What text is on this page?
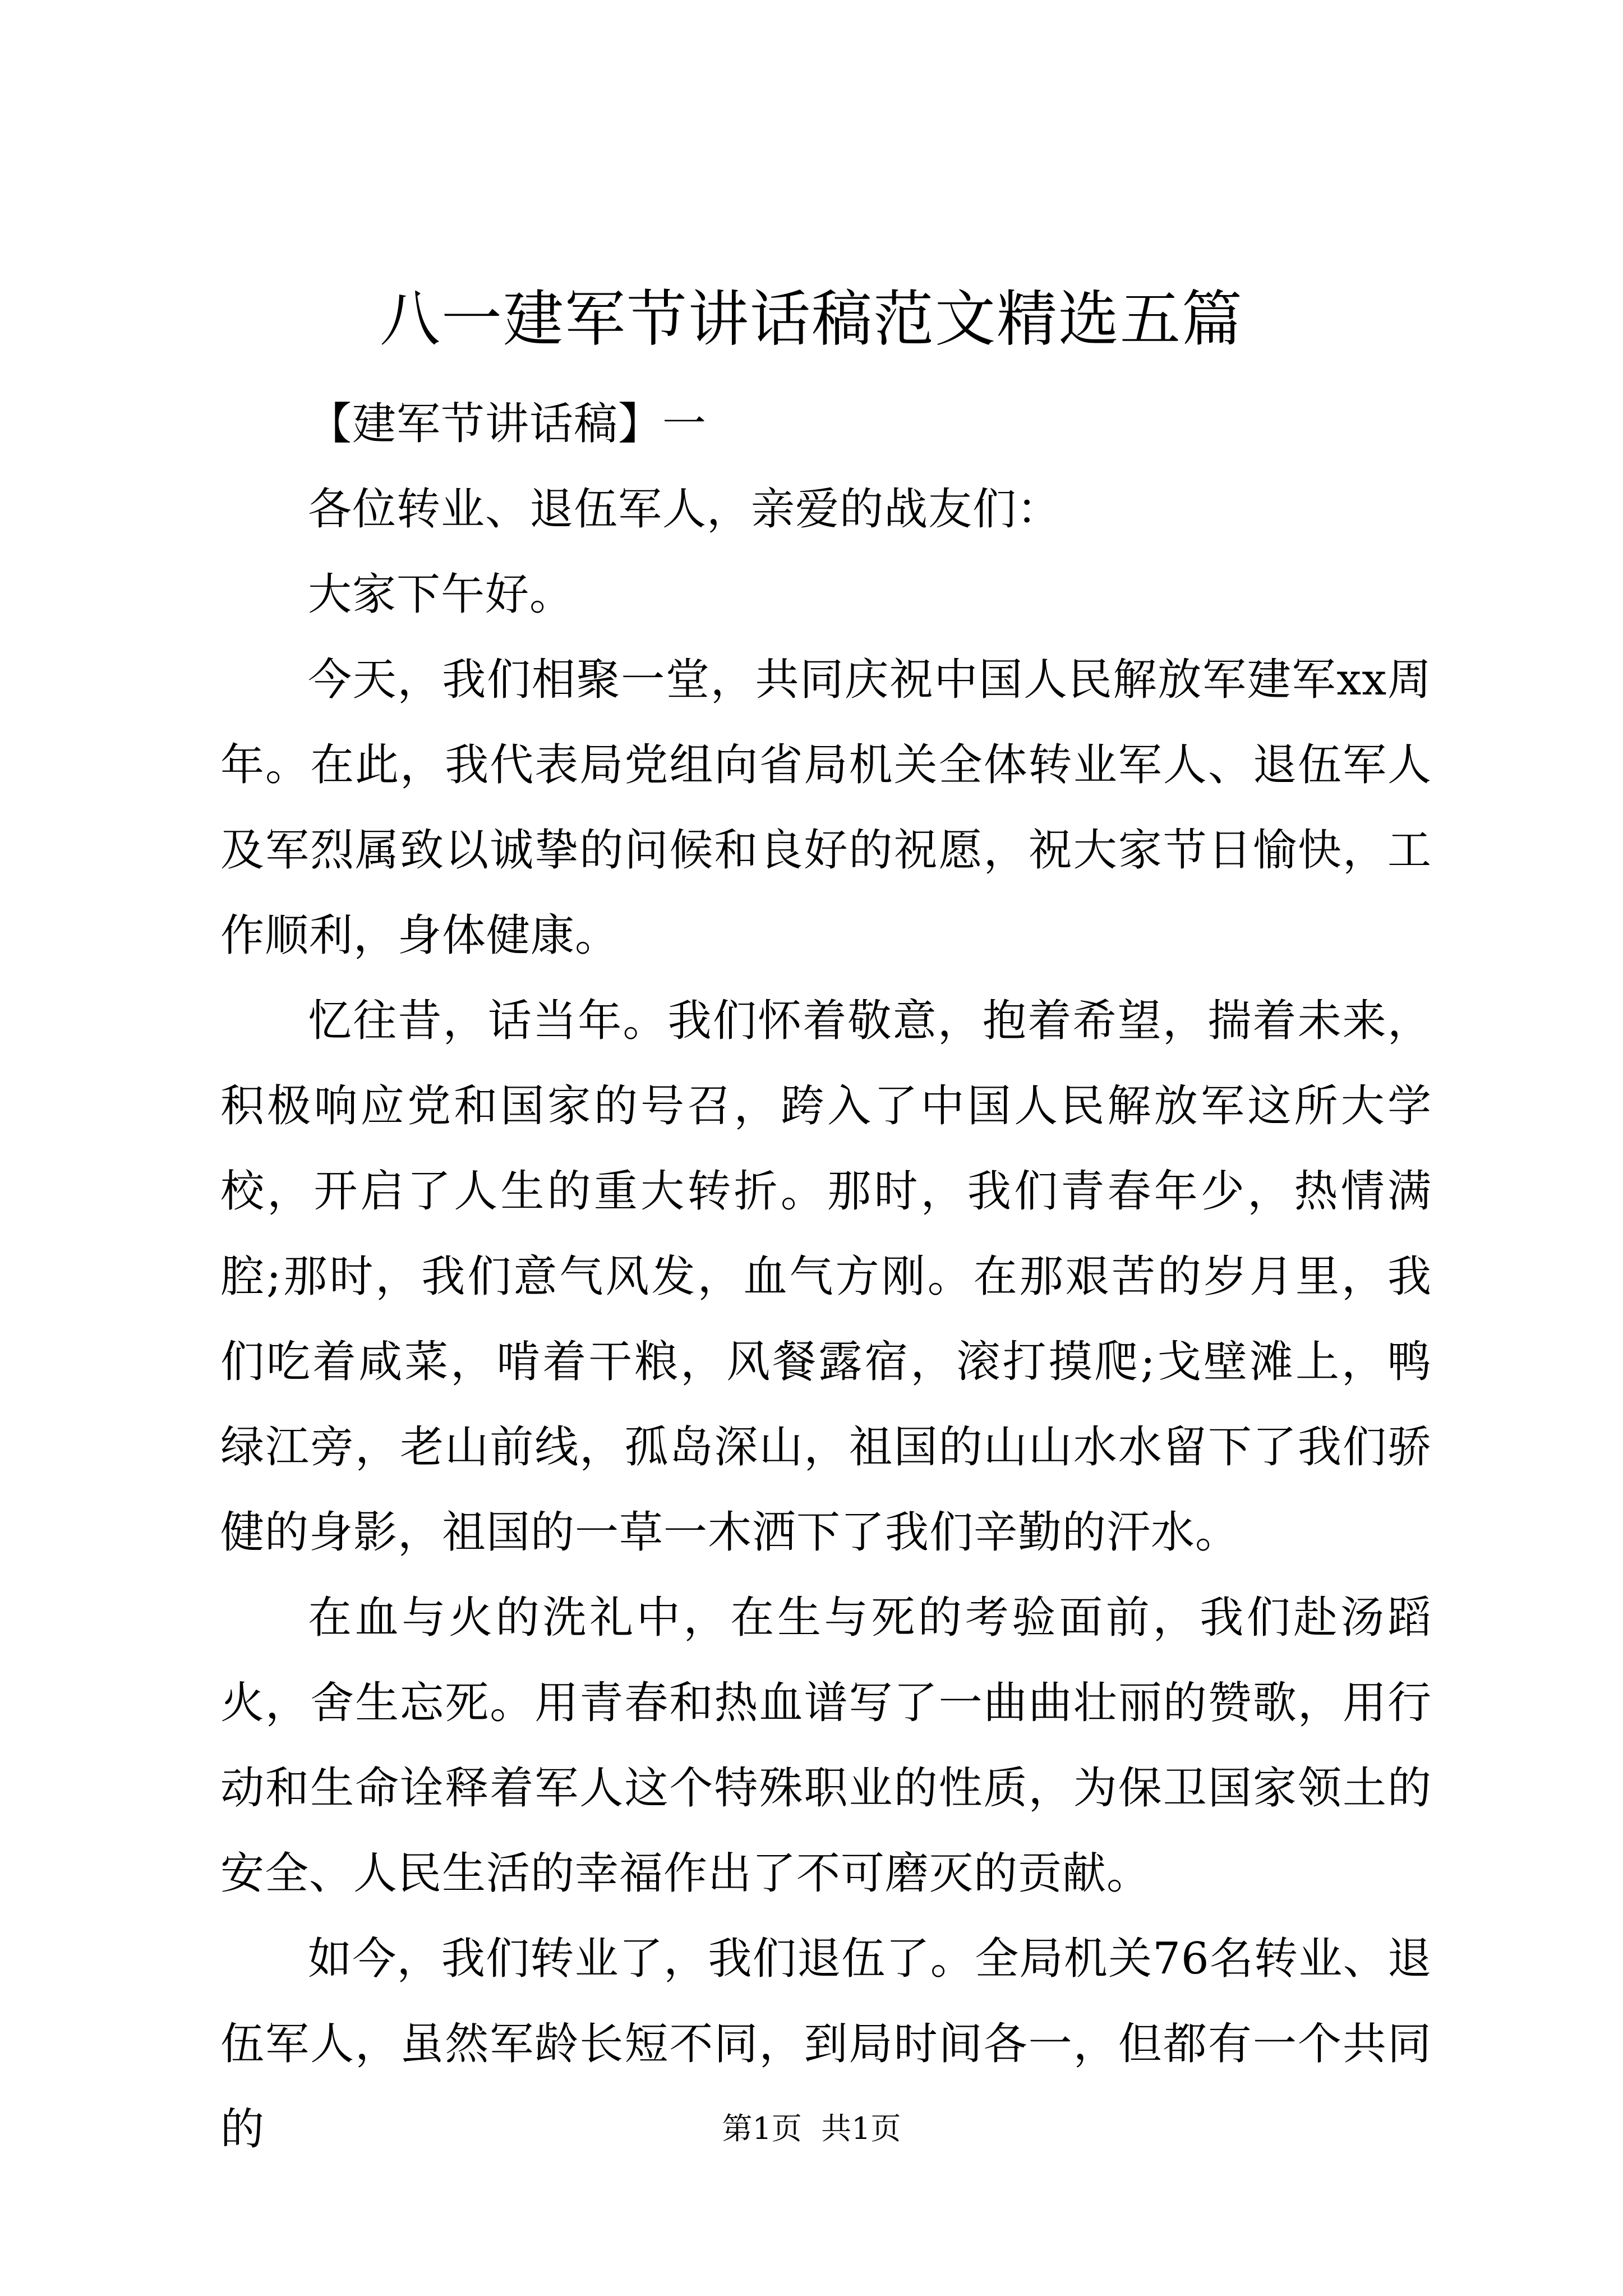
八一建军节讲话稿范文精选五篇

【建军节讲话稿】一

各位转业、退伍军人，亲爱的战友们：

大家下午好。

今天，我们相聚一堂，共同庆祝中国人民解放军建军xx周年。在此，我代表局党组向省局机关全体转业军人、退伍军人及军烈属致以诚挚的问候和良好的祝愿，祝大家节日愉快，工作顺利，身体健康。

忆往昔，话当年。我们怀着敬意，抱着希望，揣着未来，积极响应党和国家的号召，跨入了中国人民解放军这所大学校，开启了人生的重大转折。那时，我们青春年少，热情满腔;那时，我们意气风发，血气方刚。在那艰苦的岁月里，我们吃着咸菜，啃着干粮，风餐露宿，滚打摸爬;戈壁滩上，鸭绿江旁，老山前线，孤岛深山，祖国的山山水水留下了我们骄健的身影，祖国的一草一木洒下了我们辛勤的汗水。

在血与火的洗礼中，在生与死的考验面前，我们赴汤蹈火，舍生忘死。用青春和热血谱写了一曲曲壮丽的赞歌，用行动和生命诠释着军人这个特殊职业的性质，为保卫国家领土的安全、人民生活的幸福作出了不可磨灭的贡献。

如今，我们转业了，我们退伍了。全局机关76名转业、退伍军人，虽然军龄长短不同，到局时间各一，但都有一个共同的	第1页  共1页
